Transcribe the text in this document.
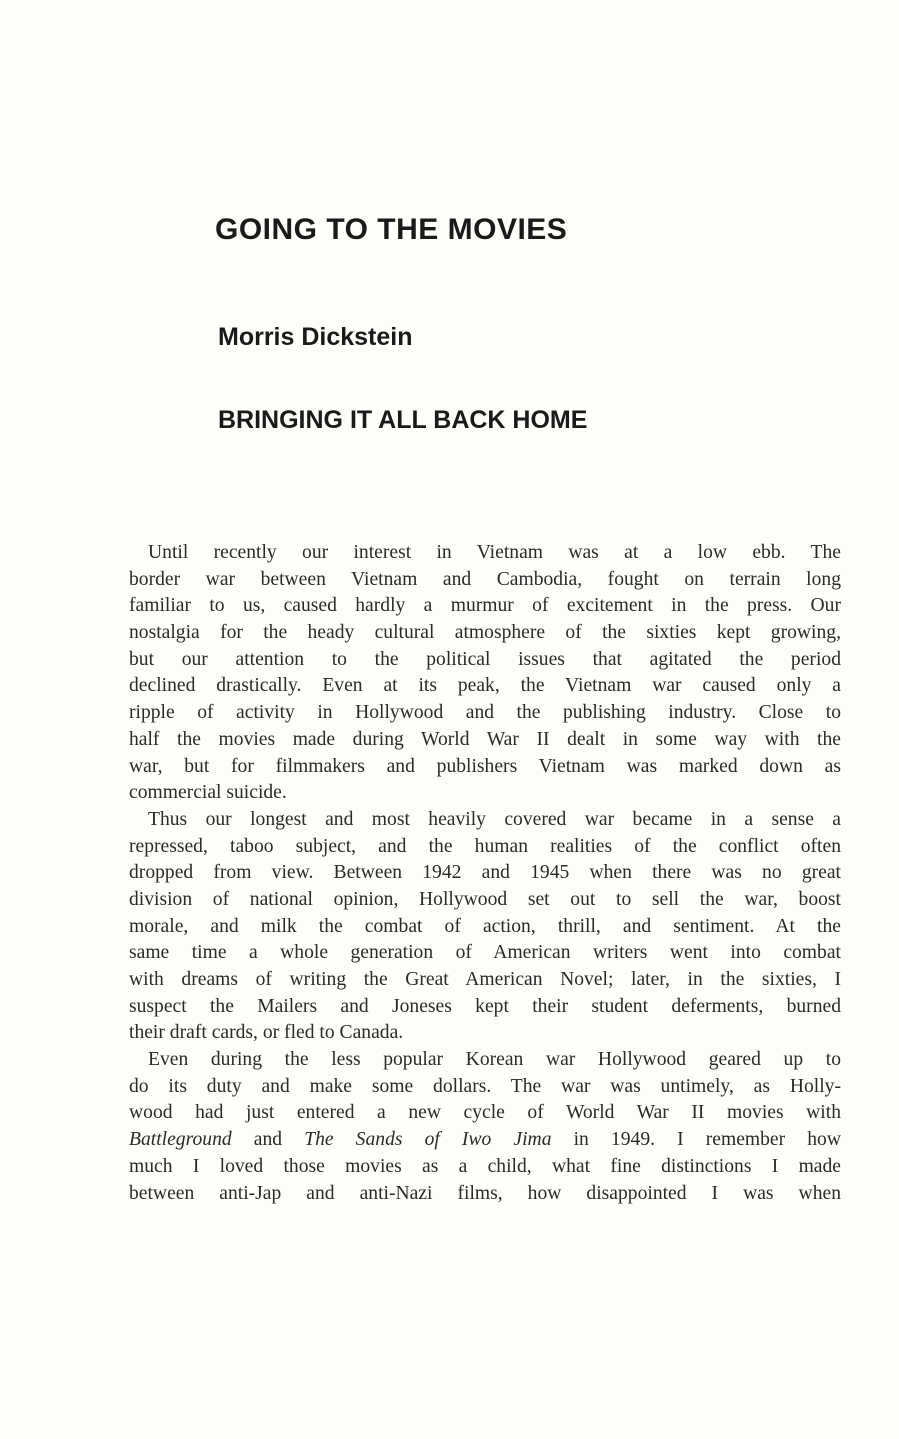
GOING TO THE MOVIES
Morris Dickstein
BRINGING IT ALL BACK HOME
Until recently our interest in Vietnam was at a low ebb. The
border war between Vietnam and Cambodia, fought on terrain long
familiar to us, caused hardly a murmur of excitement in the press. Our
nostalgia for the heady cultural atmosphere of the sixties kept growing,
but our attention to the political issues that agitated the period
declined drastically. Even at its peak, the Vietnam war caused only a
ripple of activity in Hollywood and the publishing industry. Close to
half the movies made during World War II dealt in some way with the
war, but for filmmakers and publishers Vietnam was marked down as
commercial suicide.
Thus our longest and most heavily covered war became in a sense a
repressed, taboo subject, and the human realities of the conflict often
dropped from view. Between 1942 and 1945 when there was no great
division of national opinion, Hollywood set out to sell the war, boost
morale, and milk the combat of action, thrill, and sentiment. At the
same time a whole generation of American writers went into combat
with dreams of writing the Great American Novel; later, in the sixties, I
suspect the Mailers and Joneses kept their student deferments, burned
their draft cards, or fled to Canada.
Even during the less popular Korean war Hollywood geared up to
do its duty and make some dollars. The war was untimely, as Holly-
wood had just entered a new cycle of World War II movies with
Battleground and The Sands of Iwo Jima in 1949. I remember how
much I loved those movies as a child, what fine distinctions I made
between anti-Jap and anti-Nazi films, how disappointed I was when
